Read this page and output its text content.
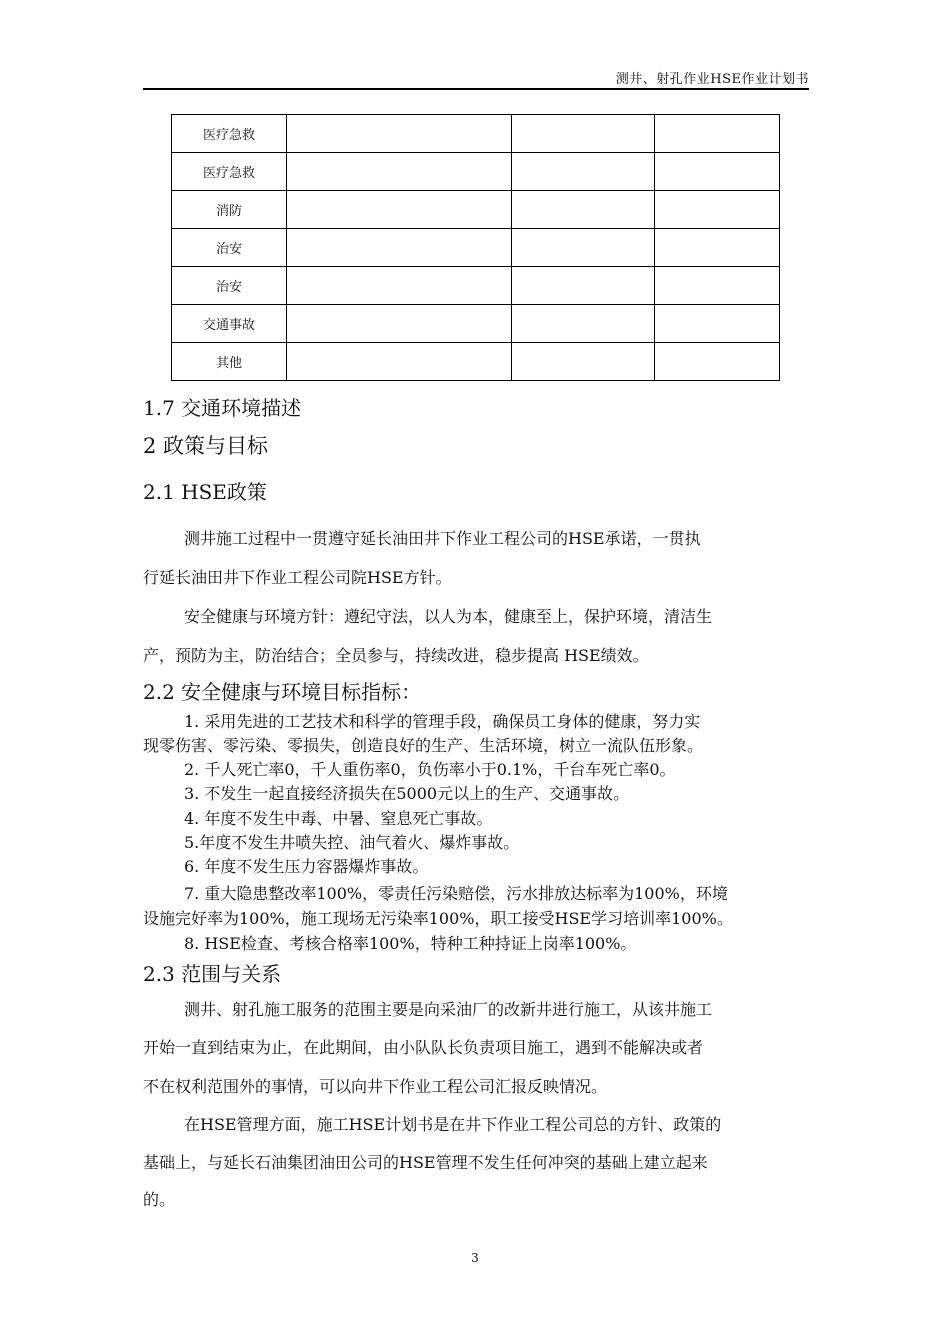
测井、射孔作业HSE作业计划书
医疗急救			
医疗急救			
消防			
治安			
治安			
交通事故			
其他			
1.7 交通环境描述
2 政策与目标
2.1 HSE政策
测井施工过程中一贯遵守延长油田井下作业工程公司的HSE承诺，一贯执
行延长油田井下作业工程公司院HSE方针。
安全健康与环境方针：遵纪守法，以人为本，健康至上，保护环境，清洁生
产，预防为主，防治结合；全员参与，持续改进，稳步提高 HSE绩效。
2.2 安全健康与环境目标指标：
1. 采用先进的工艺技术和科学的管理手段，确保员工身体的健康，努力实
现零伤害、零污染、零损失，创造良好的生产、生活环境，树立一流队伍形象。
2. 千人死亡率0，千人重伤率0，负伤率小于0.1%，千台车死亡率0。
3. 不发生一起直接经济损失在5000元以上的生产、交通事故。
4. 年度不发生中毒、中暑、窒息死亡事故。
5.年度不发生井喷失控、油气着火、爆炸事故。
6. 年度不发生压力容器爆炸事故。
7. 重大隐患整改率100%，零责任污染赔偿，污水排放达标率为100%，环境
设施完好率为100%，施工现场无污染率100%，职工接受HSE学习培训率100%。
8. HSE检查、考核合格率100%，特种工种持证上岗率100%。
2.3 范围与关系
测井、射孔施工服务的范围主要是向采油厂的改新井进行施工，从该井施工
开始一直到结束为止，在此期间，由小队队长负责项目施工，遇到不能解决或者
不在权利范围外的事情，可以向井下作业工程公司汇报反映情况。
在HSE管理方面，施工HSE计划书是在井下作业工程公司总的方针、政策的
基础上，与延长石油集团油田公司的HSE管理不发生任何冲突的基础上建立起来
的。
3
